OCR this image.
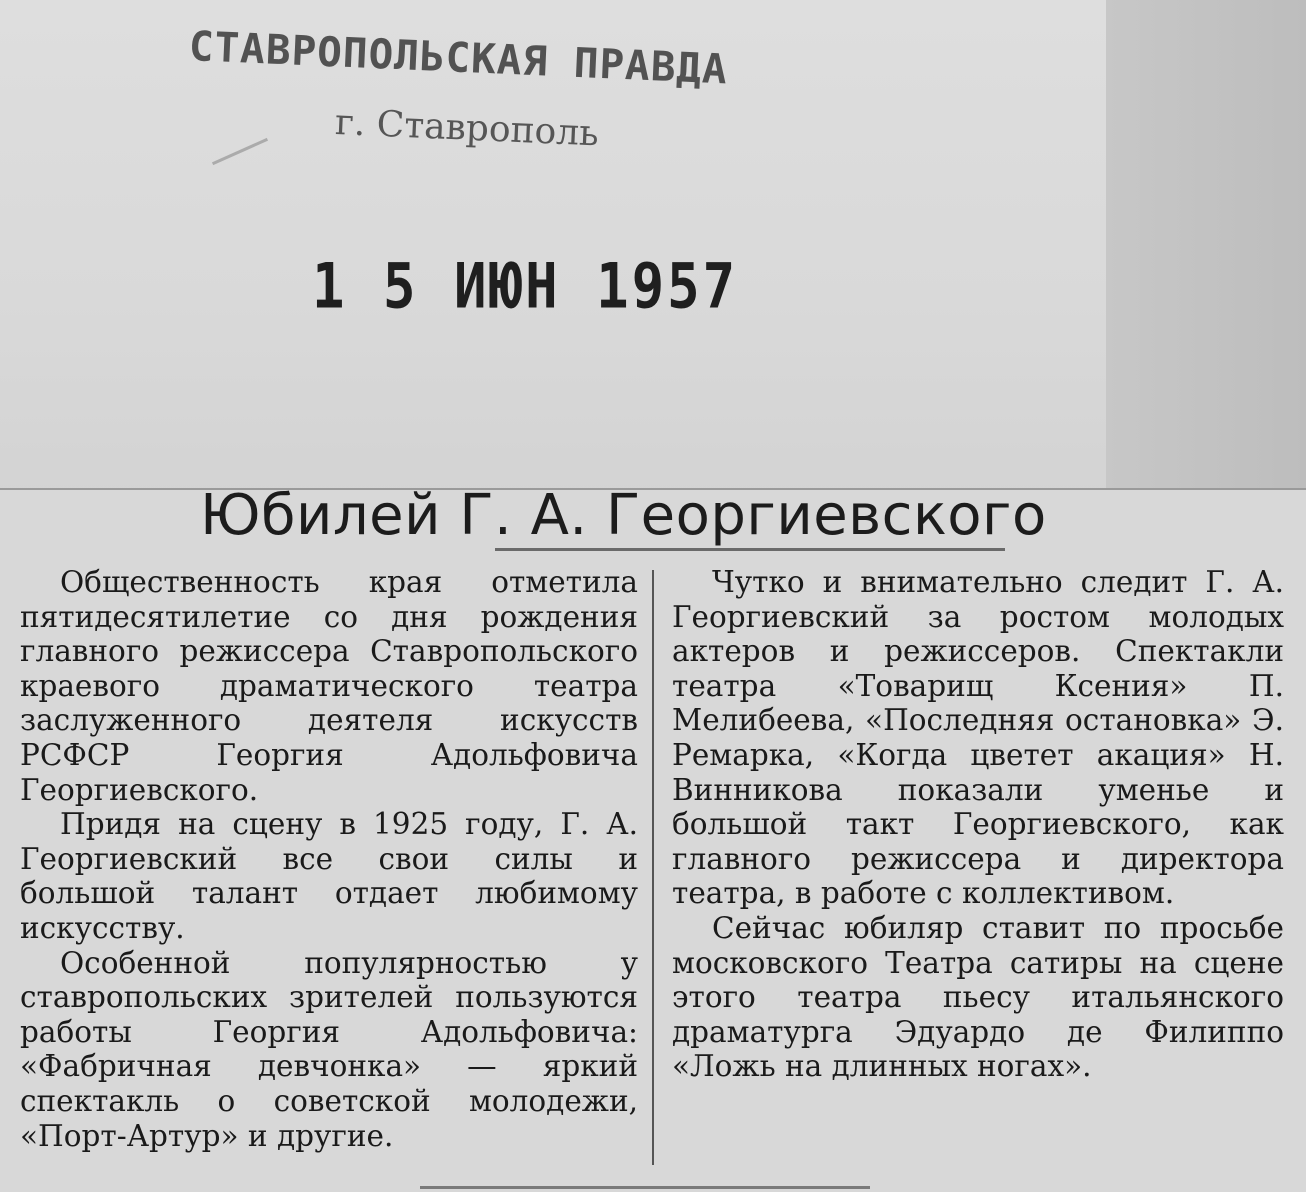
СТАВРОПОЛЬСКАЯ ПРАВДА
г. Ставрополь
1 5 ИЮН 1957
Юбилей Г. А. Георгиевского

Общественность края отметила пятидесятилетие со дня рождения главного режиссера Ставропольского краевого драматического театра заслуженного деятеля искусств РСФСР Георгия Адольфовича Георгиевского.

Придя на сцену в 1925 году, Г. А. Георгиевский все свои силы и большой талант отдает любимому искусству.

Особенной популярностью у ставропольских зрителей пользуются работы Георгия Адольфовича: «Фабричная девчонка» — яркий спектакль о советской молодежи, «Порт-Артур» и другие.

Чутко и внимательно следит Г. А. Георгиевский за ростом молодых актеров и режиссеров. Спектакли театра «Товарищ Ксения» П. Мелибеева, «Последняя остановка» Э. Ремарка, «Когда цветет акация» Н. Винникова показали уменье и большой такт Георгиевского, как главного режиссера и директора театра, в работе с коллективом.

Сейчас юбиляр ставит по просьбе московского Театра сатиры на сцене этого театра пьесу итальянского драматурга Эдуардо де Филиппо «Ложь на длинных ногах».
